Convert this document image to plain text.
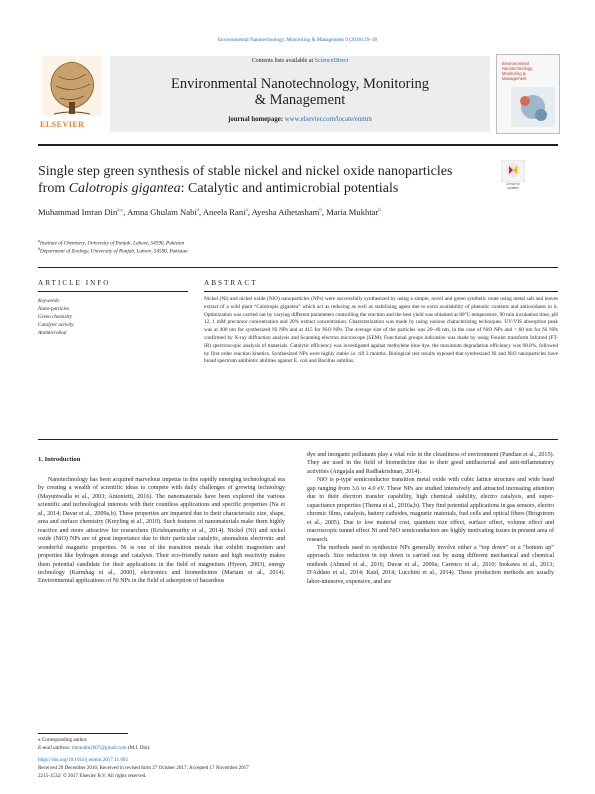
Environmental Nanotechnology, Monitoring & Management 9 (2018) 29–36
ELSEVIER
Contents lists available at ScienceDirect
Environmental Nanotechnology, Monitoring
& Management
journal homepage: www.elsevier.com/locate/enmm
Environmental Nanotechnology, Monitoring & Management
Single step green synthesis of stable nickel and nickel oxide nanoparticles
from Calotropis gigantea: Catalytic and antimicrobial potentials	Check for updates
Muhammad Imran Din$^{a,⁎}$, Amna Ghulam Nabi$^a$, Aneela Rani$^a$, Ayesha Aihetasham$^b$, Maria Mukhtar$^b$
$^a$Institute of Chemistry, University of Punjab, Lahore, 54590, Pakistan
$^b$Department of Zoology, University of Punjab, Lahore, 54590, Pakistan
ARTICLE INFO	ABSTRACT
Keywords:
Nano-particles
Green chemistry
Catalytic activity
Antimicrobial
Nickel (Ni) and nickel oxide (NiO) nanoparticles (NPs) were successfully synthesized by using a simple, novel and green synthetic route using metal salt and leaves extract of a wild plant “Calotropis gigantea” which act as reducing as well as stabilizing agent due to extra availability of phenolic contents and antioxidants in it. Optimization was carried out by varying different parameters controlling the reaction and the best yield was obtained at 80°C temperature, 90 min incubation time, pH 12, 1 mM precursor concentration and 20% extract concentration. Characterization was made by using various characterizing techniques. UV/VIS absorption peak was at 400 nm for synthesized Ni NPs and at 415 for NiO NPs. The average size of the particles was 20–40 nm, in the case of NiO NPs and < 60 nm for Ni NPs confirmed by X-ray diffraction analysis and Scanning electron microscope (SEM). Functional groups indication was made by using Fourier transform Infrared (FT-IR) spectroscopic analysis of materials. Catalytic efficiency was investigated against methylene blue dye, the maximum degradation efficiency was 98.8%, followed by first order reaction kinetics. Synthesized NPs were highly stable i.e. till 3 months. Biological test results exposed that synthesized Ni and NiO nanoparticles have broad spectrum antibiotic abilities against E. coli and Bacillus subtilus.
1. Introduction

Nanotechnology has been acquired marvelous impetus in this rapidly emerging technological era by creating a wealth of scientific ideas to compete with daily challenges of growing technology (Mayuniwalla et al., 2003; Antonietti, 2016). The nanomaterials have been explored the various scientific and technological interests with their countless applications and specific properties (Na et al., 2014; Davar et al., 2009a,b). These properties are imparted due to their characteristic size, shape, area and surface chemistry (Kreyling et al., 2010). Such features of nanomaterials make them highly reactive and more attractive for researchers (Krishnamurthy et al., 2014). Nickel (Ni) and nickel oxide (NiO) NPs are of great importance due to their particular catalytic, anomalous electronic and wonderful magnetic properties. Ni is one of the transition metals that exhibit magnetism and properties like hydrogen storage and catalysis. Their eco-friendly nature and high reactivity makes them potential candidate for their applications in the field of magnetism (Hyeon, 2003), energy technology (Karmhag et al., 2000), electronics and biomedicines (Mariam et al., 2014). Environmental applications of Ni NPs in the field of adsorption of hazardous

dye and inorganic pollutants play a vital role in the cleanliness of environment (Pandian et al., 2015). They are used in the field of biomedicine due to their good antibacterial and anti-inflammatory activities (Angajala and Radhakrishnan, 2014).

NiO is p-type semiconductor transition metal oxide with cubic lattice structure and wide band gap ranging from 3.6 to 4.0 eV. These NPs are studied intensively and attracted increasing attention due to their electron transfer capability, high chemical stability, electro catalysis, and super-capacitance properties (Thema et al., 2016a,b). They find potential applications in gas sensors, electro chromic films, catalysis, battery cathodes, magnetic materials, fuel cells and optical fibers (Brogstrom et al., 2005). Due to low material cost, quantum size effect, surface effect, volume effect and macroscopic tunnel effect Ni and NiO semiconductors are highly motivating issues in present area of research.

The methods used to synthesize NPs generally involve either a “top down” or a “bottom up” approach. Size reduction in top down is carried out by using different mechanical and chemical methods (Ahmed et al., 2016; Davar et al., 2009a; Carenco et al., 2010; Inokawa et al., 2013; D'Addato et al., 2014; Kaid, 2014; Lucchini et al., 2014). These production methods are usually labor-intensive, expensive, and are

⁎ Corresponding author.
E-mail address: imrandin2007@gmail.com (M.I. Din).
https://doi.org/10.1016/j.enmm.2017.11.005
Received 29 December 2016; Received in revised form 27 October 2017; Accepted 17 November 2017
2215-1532/ © 2017 Elsevier B.V. All rights reserved.
